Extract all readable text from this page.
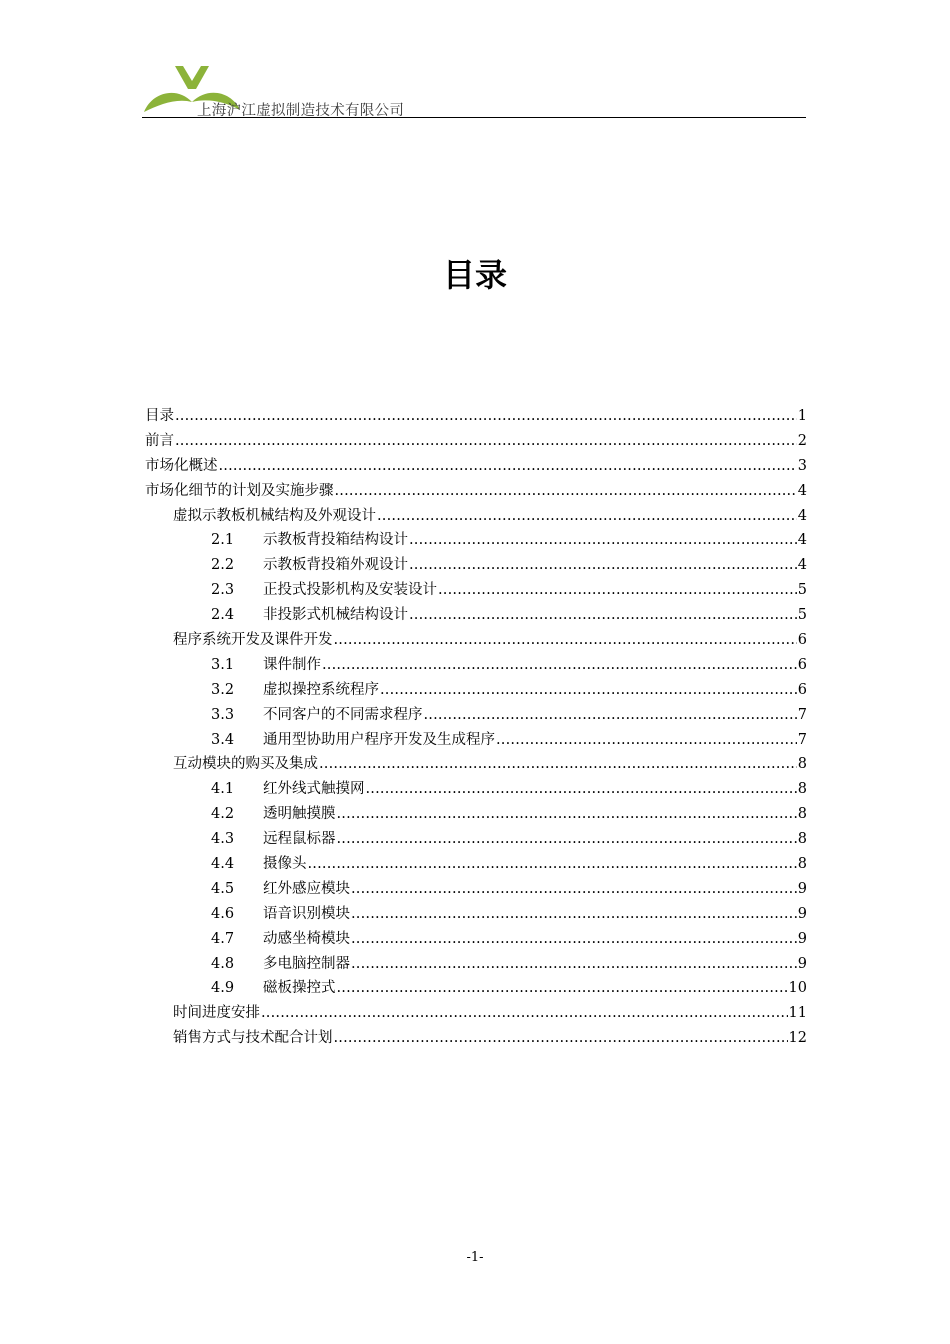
上海沪江虚拟制造技术有限公司
目录
目录 .....	1
前言 .....	2
市场化概述 .....	3
市场化细节的计划及实施步骤 .....	4
虚拟示教板机械结构及外观设计 .....	4
2.1	示教板背投箱结构设计 .....	4
2.2	示教板背投箱外观设计 .....	4
2.3	正投式投影机构及安装设计 .....	5
2.4	非投影式机械结构设计 .....	5
程序系统开发及课件开发 .....	6
3.1	课件制作 .....	6
3.2	虚拟操控系统程序 .....	6
3.3	不同客户的不同需求程序 .....	7
3.4	通用型协助用户程序开发及生成程序 .....	7
互动模块的购买及集成 .....	8
4.1	红外线式触摸网 .....	8
4.2	透明触摸膜 .....	8
4.3	远程鼠标器 .....	8
4.4	摄像头 .....	8
4.5	红外感应模块 .....	9
4.6	语音识别模块 .....	9
4.7	动感坐椅模块 .....	9
4.8	多电脑控制器 .....	9
4.9	磁板操控式 .....	10
时间进度安排 .....	11
销售方式与技术配合计划 .....	12
-1-
